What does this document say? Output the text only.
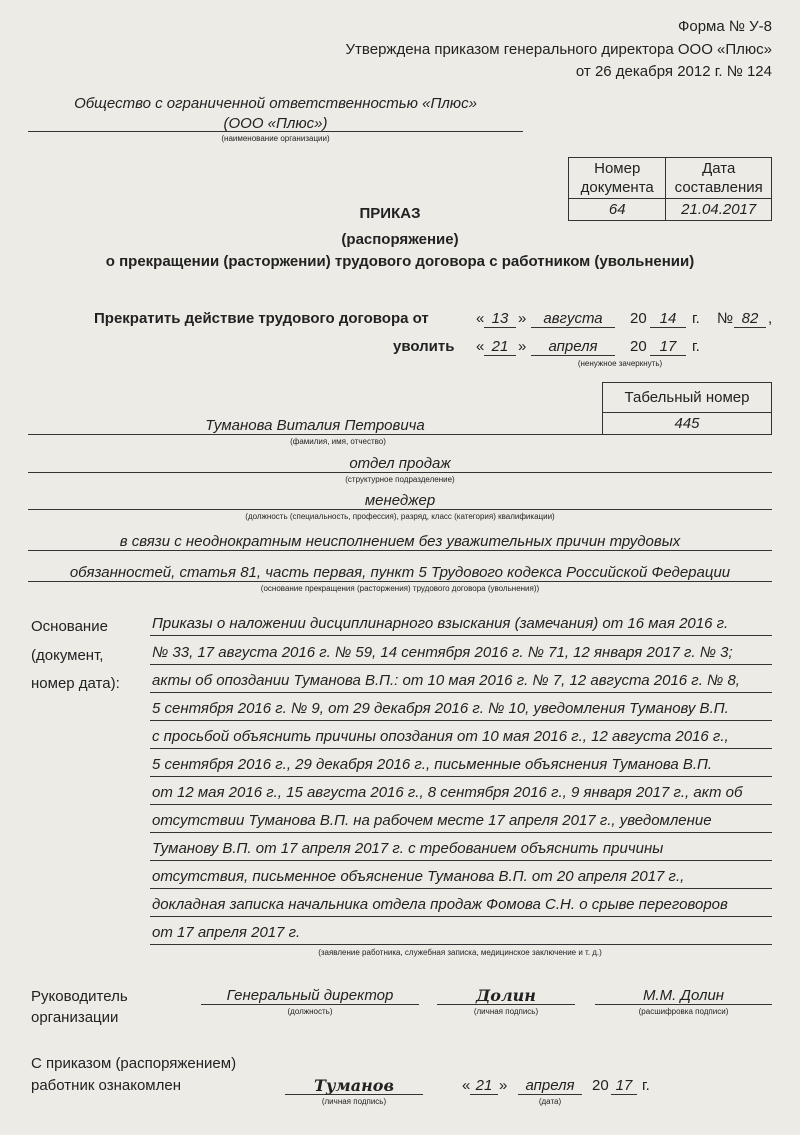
Форма № У-8
Утверждена приказом генерального директора ООО «Плюс»
от 26 декабря 2012 г. № 124
Общество с ограниченной ответственностью «Плюс»
(ООО «Плюс»)
(наименование организации)
Номер документа	Дата составления
64	21.04.2017
ПРИКАЗ
(распоряжение)
о прекращении (расторжении) трудового договора с работником (увольнении)
Прекратить действие трудового договора от	« 13 »	августа	20 14	г. № 82 ,
уволить « 21 »	апреля	20 17	г.
(ненужное зачеркнуть)
Табельный номер
445
Туманова Виталия Петровича
(фамилия, имя, отчество)
отдел продаж
(структурное подразделение)
менеджер
(должность (специальность, профессия), разряд, класс (категория) квалификации)
в связи с неоднократным неисполнением без уважительных причин трудовых
обязанностей, статья 81, часть первая, пункт 5 Трудового кодекса Российской Федерации
(основание прекращения (расторжения) трудового договора (увольнения))
Основание
(документ,
номер дата):
Приказы о наложении дисциплинарного взыскания (замечания) от 16 мая 2016 г.
№ 33, 17 августа 2016 г. № 59, 14 сентября 2016 г. № 71, 12 января 2017 г. № 3;
акты об опоздании Туманова В.П.: от 10 мая 2016 г. № 7, 12 августа 2016 г. № 8,
5 сентября 2016 г. № 9, от 29 декабря 2016 г. № 10, уведомления Туманову В.П.
с просьбой объяснить причины опоздания от 10 мая 2016 г., 12 августа 2016 г.,
5 сентября 2016 г., 29 декабря 2016 г., письменные объяснения Туманова В.П.
от 12 мая 2016 г., 15 августа 2016 г., 8 сентября 2016 г., 9 января 2017 г., акт об
отсутствии Туманова В.П. на рабочем месте 17 апреля 2017 г., уведомление
Туманову В.П. от 17 апреля 2017 г. с требованием объяснить причины
отсутствия, письменное объяснение Туманова В.П. от 20 апреля 2017 г.,
докладная записка начальника отдела продаж Фомова С.Н. о срыве переговоров
от 17 апреля 2017 г.
(заявление работника, служебная записка, медицинское заключение и т. д.)
Руководитель
организации
Генеральный директор
(должность)
Долин
(личная подпись)
М.М. Долин
(расшифровка подписи)
С приказом (распоряжением)
работник ознакомлен	Туманов
(личная подпись)
« 21 »	апреля
(дата)
20 17 г.
